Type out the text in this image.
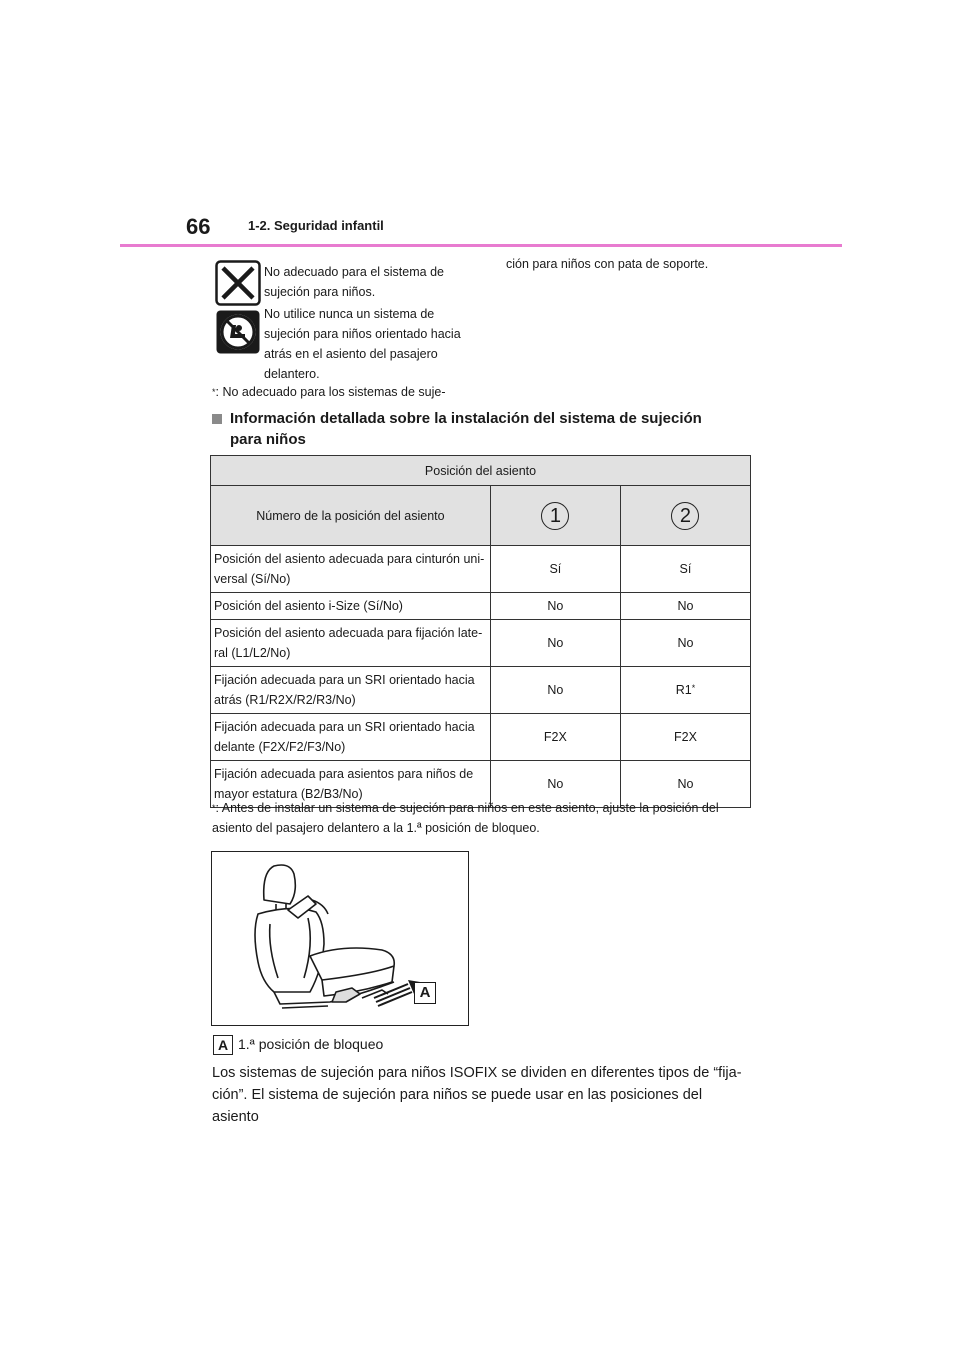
66	1-2. Seguridad infantil
No adecuado para el sistema de sujeción para niños.
No utilice nunca un sistema de sujeción para niños orientado hacia atrás en el asiento del pasajero delantero.
*: No adecuado para los sistemas de suje-
ción para niños con pata de soporte.
Información detallada sobre la instalación del sistema de sujeción para niños
Posición del asiento		
Número de la posición del asiento	1	2
Posición del asiento adecuada para cinturón uni-versal (Sí/No)	Sí	Sí
Posición del asiento i-Size (Sí/No)	No	No
Posición del asiento adecuada para fijación late-ral (L1/L2/No)	No	No
Fijación adecuada para un SRI orientado hacia atrás (R1/R2X/R2/R3/No)	No	R1*
Fijación adecuada para un SRI orientado hacia delante (F2X/F2/F3/No)	F2X	F2X
Fijación adecuada para asientos para niños de mayor estatura (B2/B3/No)	No	No
*: Antes de instalar un sistema de sujeción para niños en este asiento, ajuste la posición del asiento del pasajero delantero a la 1.ª posición de bloqueo.
A
A 1.ª posición de bloqueo
Los sistemas de sujeción para niños ISOFIX se dividen en diferentes tipos de “fija-ción”. El sistema de sujeción para niños se puede usar en las posiciones del asiento
